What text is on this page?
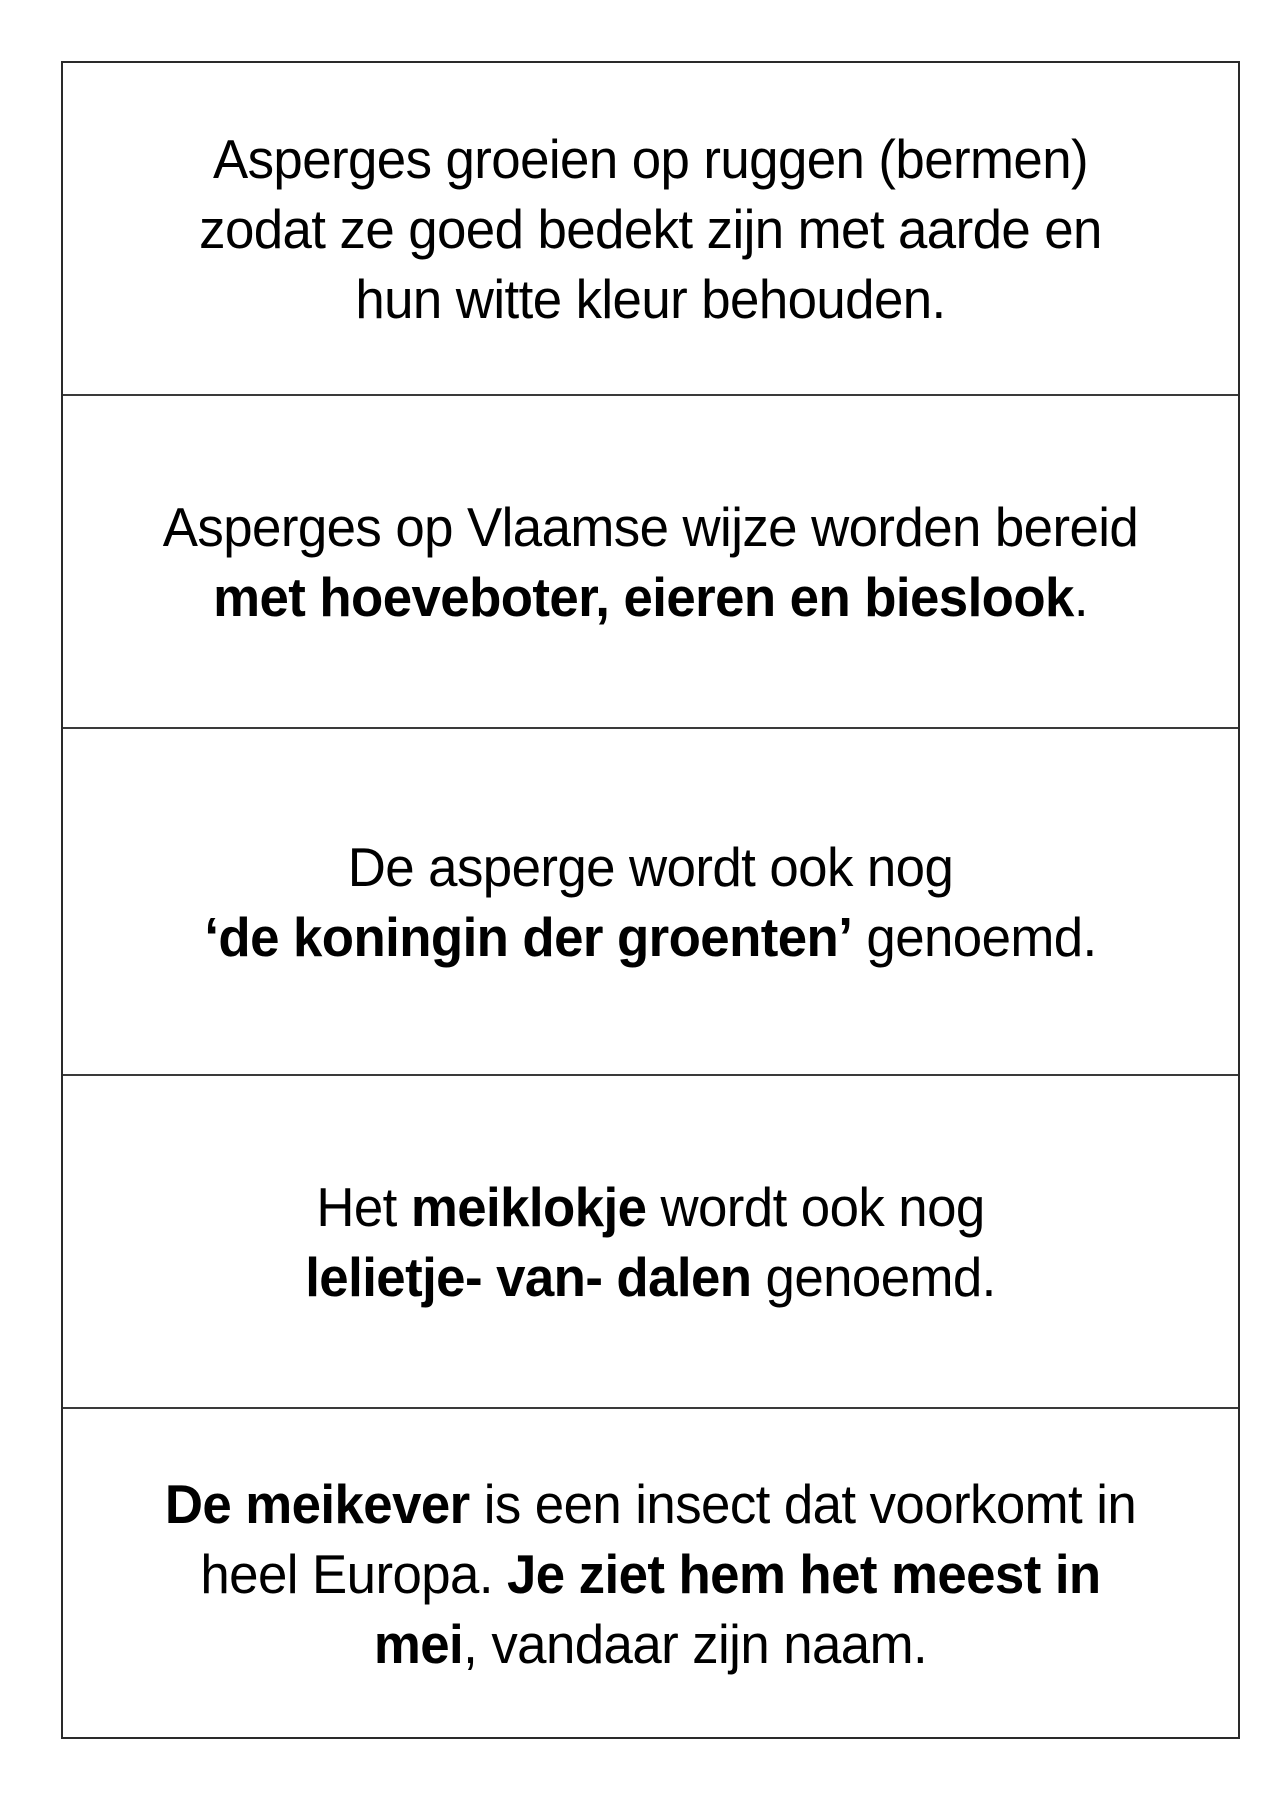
Asperges groeien op ruggen (bermen)
zodat ze goed bedekt zijn met aarde en
hun witte kleur behouden.
Asperges op Vlaamse wijze worden bereid
met hoeveboter, eieren en bieslook.
De asperge wordt ook nog
‘de koningin der groenten’ genoemd.
Het meiklokje wordt ook nog
lelietje- van- dalen genoemd.
De meikever is een insect dat voorkomt in
heel Europa. Je ziet hem het meest in
mei, vandaar zijn naam.
